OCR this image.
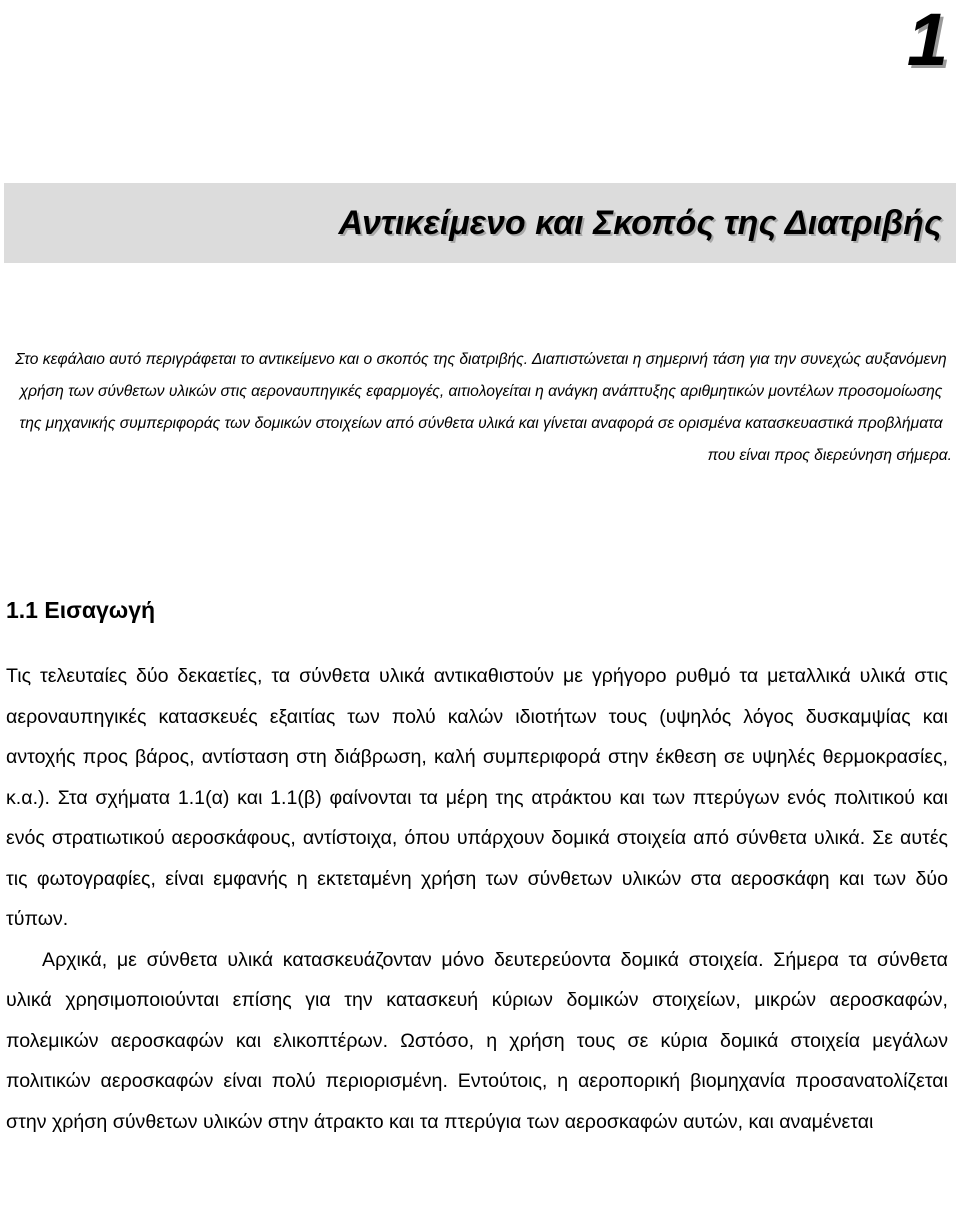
1
Αντικείμενο και Σκοπός της Διατριβής

Στο κεφάλαιο αυτό περιγράφεται το αντικείμενο και ο σκοπός της διατριβής. Διαπιστώνεται η σημερινή τάση για την συνεχώς αυξανόμενη χρήση των σύνθετων υλικών στις αεροναυπηγικές εφαρμογές, αιτιολογείται η ανάγκη ανάπτυξης αριθμητικών μοντέλων προσομοίωσης της μηχανικής συμπεριφοράς των δομικών στοιχείων από σύνθετα υλικά και γίνεται αναφορά σε ορισμένα κατασκευαστικά προβλήματα που είναι προς διερεύνηση σήμερα.

1.1 Εισαγωγή

Τις τελευταίες δύο δεκαετίες, τα σύνθετα υλικά αντικαθιστούν με γρήγορο ρυθμό τα μεταλλικά υλικά στις αεροναυπηγικές κατασκευές εξαιτίας των πολύ καλών ιδιοτήτων τους (υψηλός λόγος δυσκαμψίας και αντοχής προς βάρος, αντίσταση στη διάβρωση, καλή συμπεριφορά στην έκθεση σε υψηλές θερμοκρασίες, κ.α.). Στα σχήματα 1.1(α) και 1.1(β) φαίνονται τα μέρη της ατράκτου και των πτερύγων ενός πολιτικού και ενός στρατιωτικού αεροσκάφους, αντίστοιχα, όπου υπάρχουν δομικά στοιχεία από σύνθετα υλικά. Σε αυτές τις φωτογραφίες, είναι εμφανής η εκτεταμένη χρήση των σύνθετων υλικών στα αεροσκάφη και των δύο τύπων.

Αρχικά, με σύνθετα υλικά κατασκευάζονταν μόνο δευτερεύοντα δομικά στοιχεία. Σήμερα τα σύνθετα υλικά χρησιμοποιούνται επίσης για την κατασκευή κύριων δομικών στοιχείων, μικρών αεροσκαφών, πολεμικών αεροσκαφών και ελικοπτέρων. Ωστόσο, η χρήση τους σε κύρια δομικά στοιχεία μεγάλων πολιτικών αεροσκαφών είναι πολύ περιορισμένη. Εντούτοις, η αεροπορική βιομηχανία προσανατολίζεται στην χρήση σύνθετων υλικών στην άτρακτο και τα πτερύγια των αεροσκαφών αυτών, και αναμένεται
